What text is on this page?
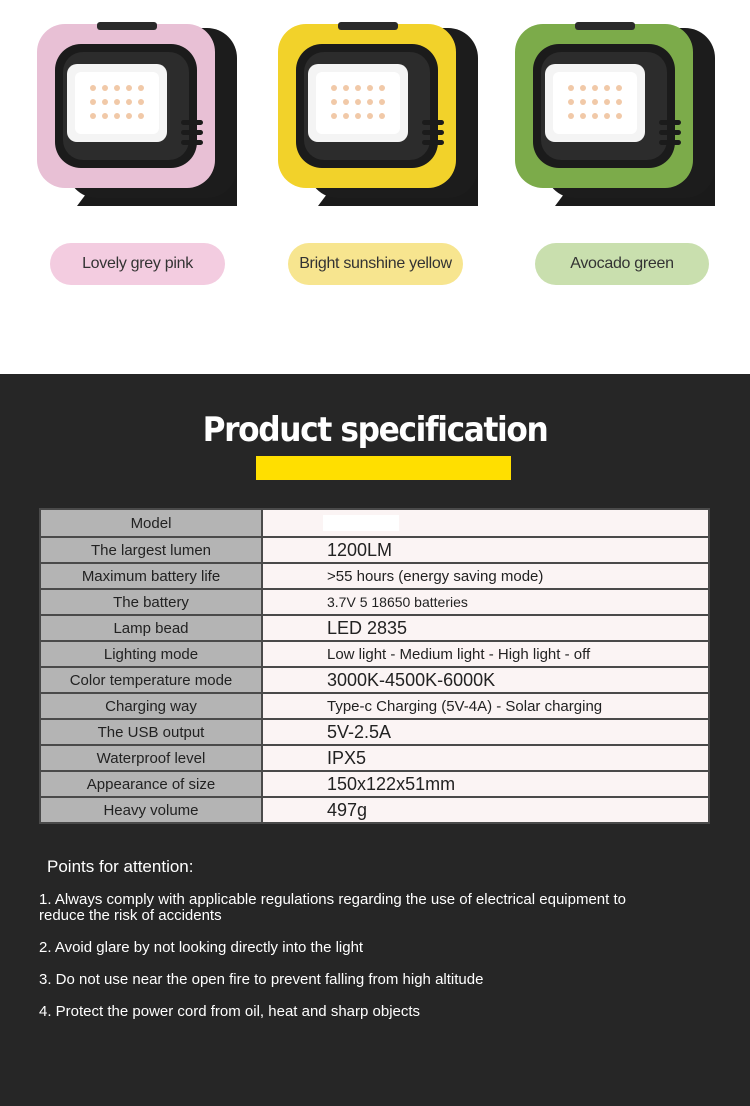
Lovely grey pink	Bright sunshine yellow	Avocado green
Product specification
Model
The largest lumen	1200LM
Maximum battery life	>55 hours (energy saving mode)
The battery	3.7V 5 18650 batteries
Lamp bead	LED 2835
Lighting mode	Low light - Medium light - High light - off
Color temperature mode	3000K-4500K-6000K
Charging way	Type-c Charging (5V-4A) - Solar charging
The USB output	5V-2.5A
Waterproof level	IPX5
Appearance of size	150x122x51mm
Heavy volume	497g
Points for attention:
1. Always comply with applicable regulations regarding the use of electrical equipment to reduce the risk of accidents
2. Avoid glare by not looking directly into the light
3. Do not use near the open fire to prevent falling from high altitude
4. Protect the power cord from oil, heat and sharp objects
